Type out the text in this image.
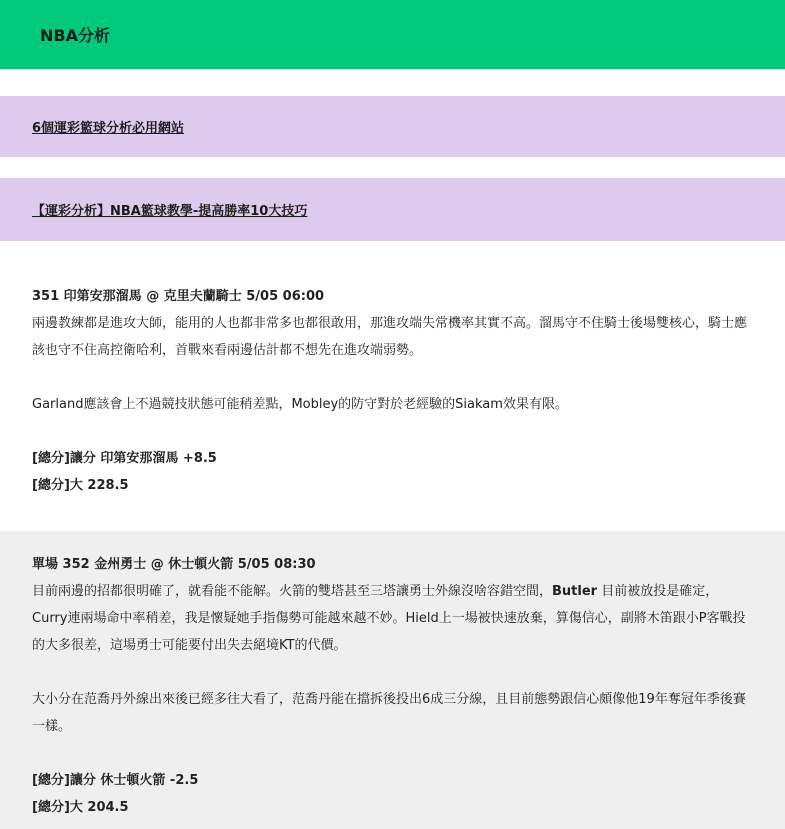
NBA分析
6個運彩籃球分析必用網站
【運彩分析】NBA籃球教學-提高勝率10大技巧
351 印第安那溜馬 @ 克里夫蘭騎士 5/05 06:00

兩邊教練都是進攻大師，能用的人也都非常多也都很敢用，那進攻端失常機率其實不高。溜馬守不住騎士後場雙核心，騎士應該也守不住高控衛哈利，首戰來看兩邊估計都不想先在進攻端弱勢。

Garland應該會上不過競技狀態可能稍差點，Mobley的防守對於老經驗的Siakam效果有限。

[總分]讓分 印第安那溜馬 +8.5
[總分]大 228.5
單場 352 金州勇士 @ 休士頓火箭 5/05 08:30

目前兩邊的招都很明確了，就看能不能解。火箭的雙塔甚至三塔讓勇士外線沒啥容錯空間，Butler 目前被放投是確定，Curry連兩場命中率稍差，我是懷疑她手指傷勢可能越來越不妙。Hield上一場被快速放棄，算傷信心，副將木笛跟小P客戰投的大多很差，這場勇士可能要付出失去絕境KT的代價。

大小分在范喬丹外線出來後已經多往大看了，范喬丹能在擋拆後投出6成三分線，且目前態勢跟信心頗像他19年奪冠年季後賽一樣。

[總分]讓分 休士頓火箭 -2.5
[總分]大 204.5
